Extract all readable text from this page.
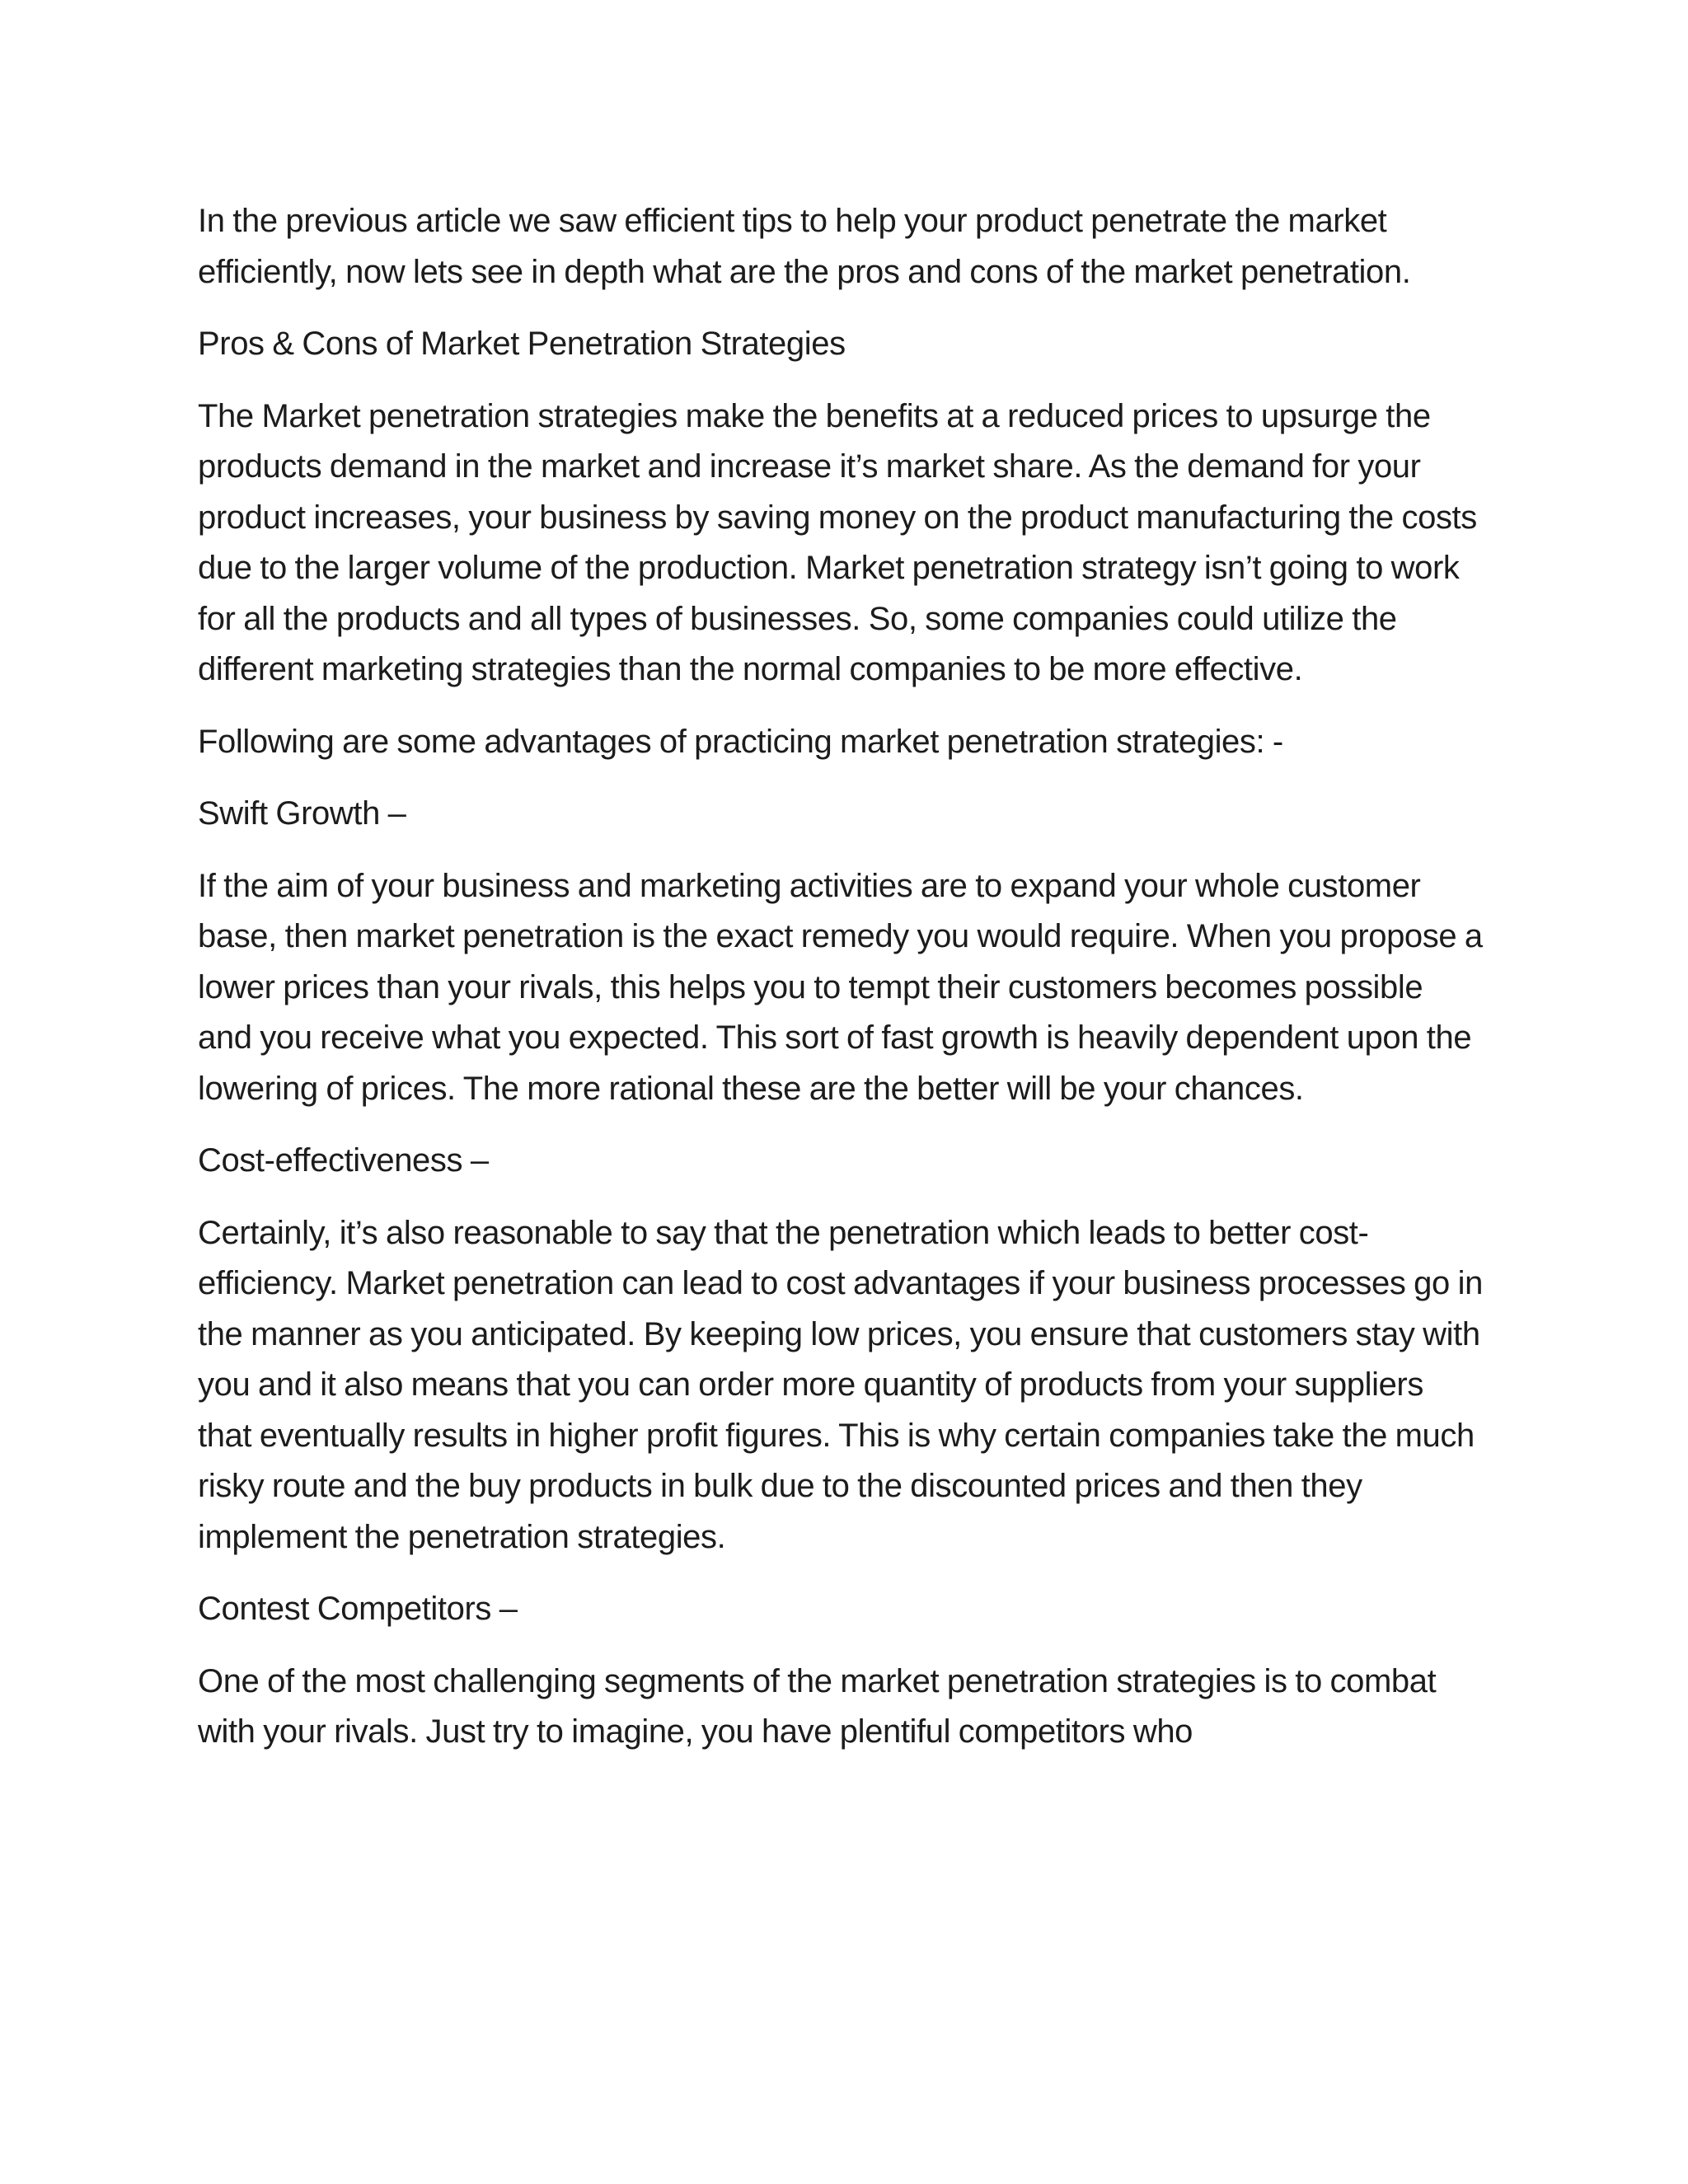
In the previous article we saw efficient tips to help your product penetrate the market efficiently, now lets see in depth what are the pros and cons of the market penetration.

Pros & Cons of Market Penetration Strategies

The Market penetration strategies make the benefits at a reduced prices to upsurge the products demand in the market and increase it’s market share. As the demand for your product increases, your business by saving money on the product manufacturing the costs due to the larger volume of the production. Market penetration strategy isn’t going to work for all the products and all types of businesses. So, some companies could utilize the different marketing strategies than the normal companies to be more effective.

Following are some advantages of practicing market penetration strategies: -

Swift Growth –

If the aim of your business and marketing activities are to expand your whole customer base, then market penetration is the exact remedy you would require. When you propose a lower prices than your rivals, this helps you to tempt their customers becomes possible and you receive what you expected. This sort of fast growth is heavily dependent upon the lowering of prices. The more rational these are the better will be your chances.

Cost-effectiveness –

Certainly, it’s also reasonable to say that the penetration which leads to better cost-efficiency. Market penetration can lead to cost advantages if your business processes go in the manner as you anticipated. By keeping low prices, you ensure that customers stay with you and it also means that you can order more quantity of products from your suppliers that eventually results in higher profit figures. This is why certain companies take the much risky route and the buy products in bulk due to the discounted prices and then they implement the penetration strategies.

Contest Competitors –

One of the most challenging segments of the market penetration strategies is to combat with your rivals. Just try to imagine, you have plentiful competitors who
